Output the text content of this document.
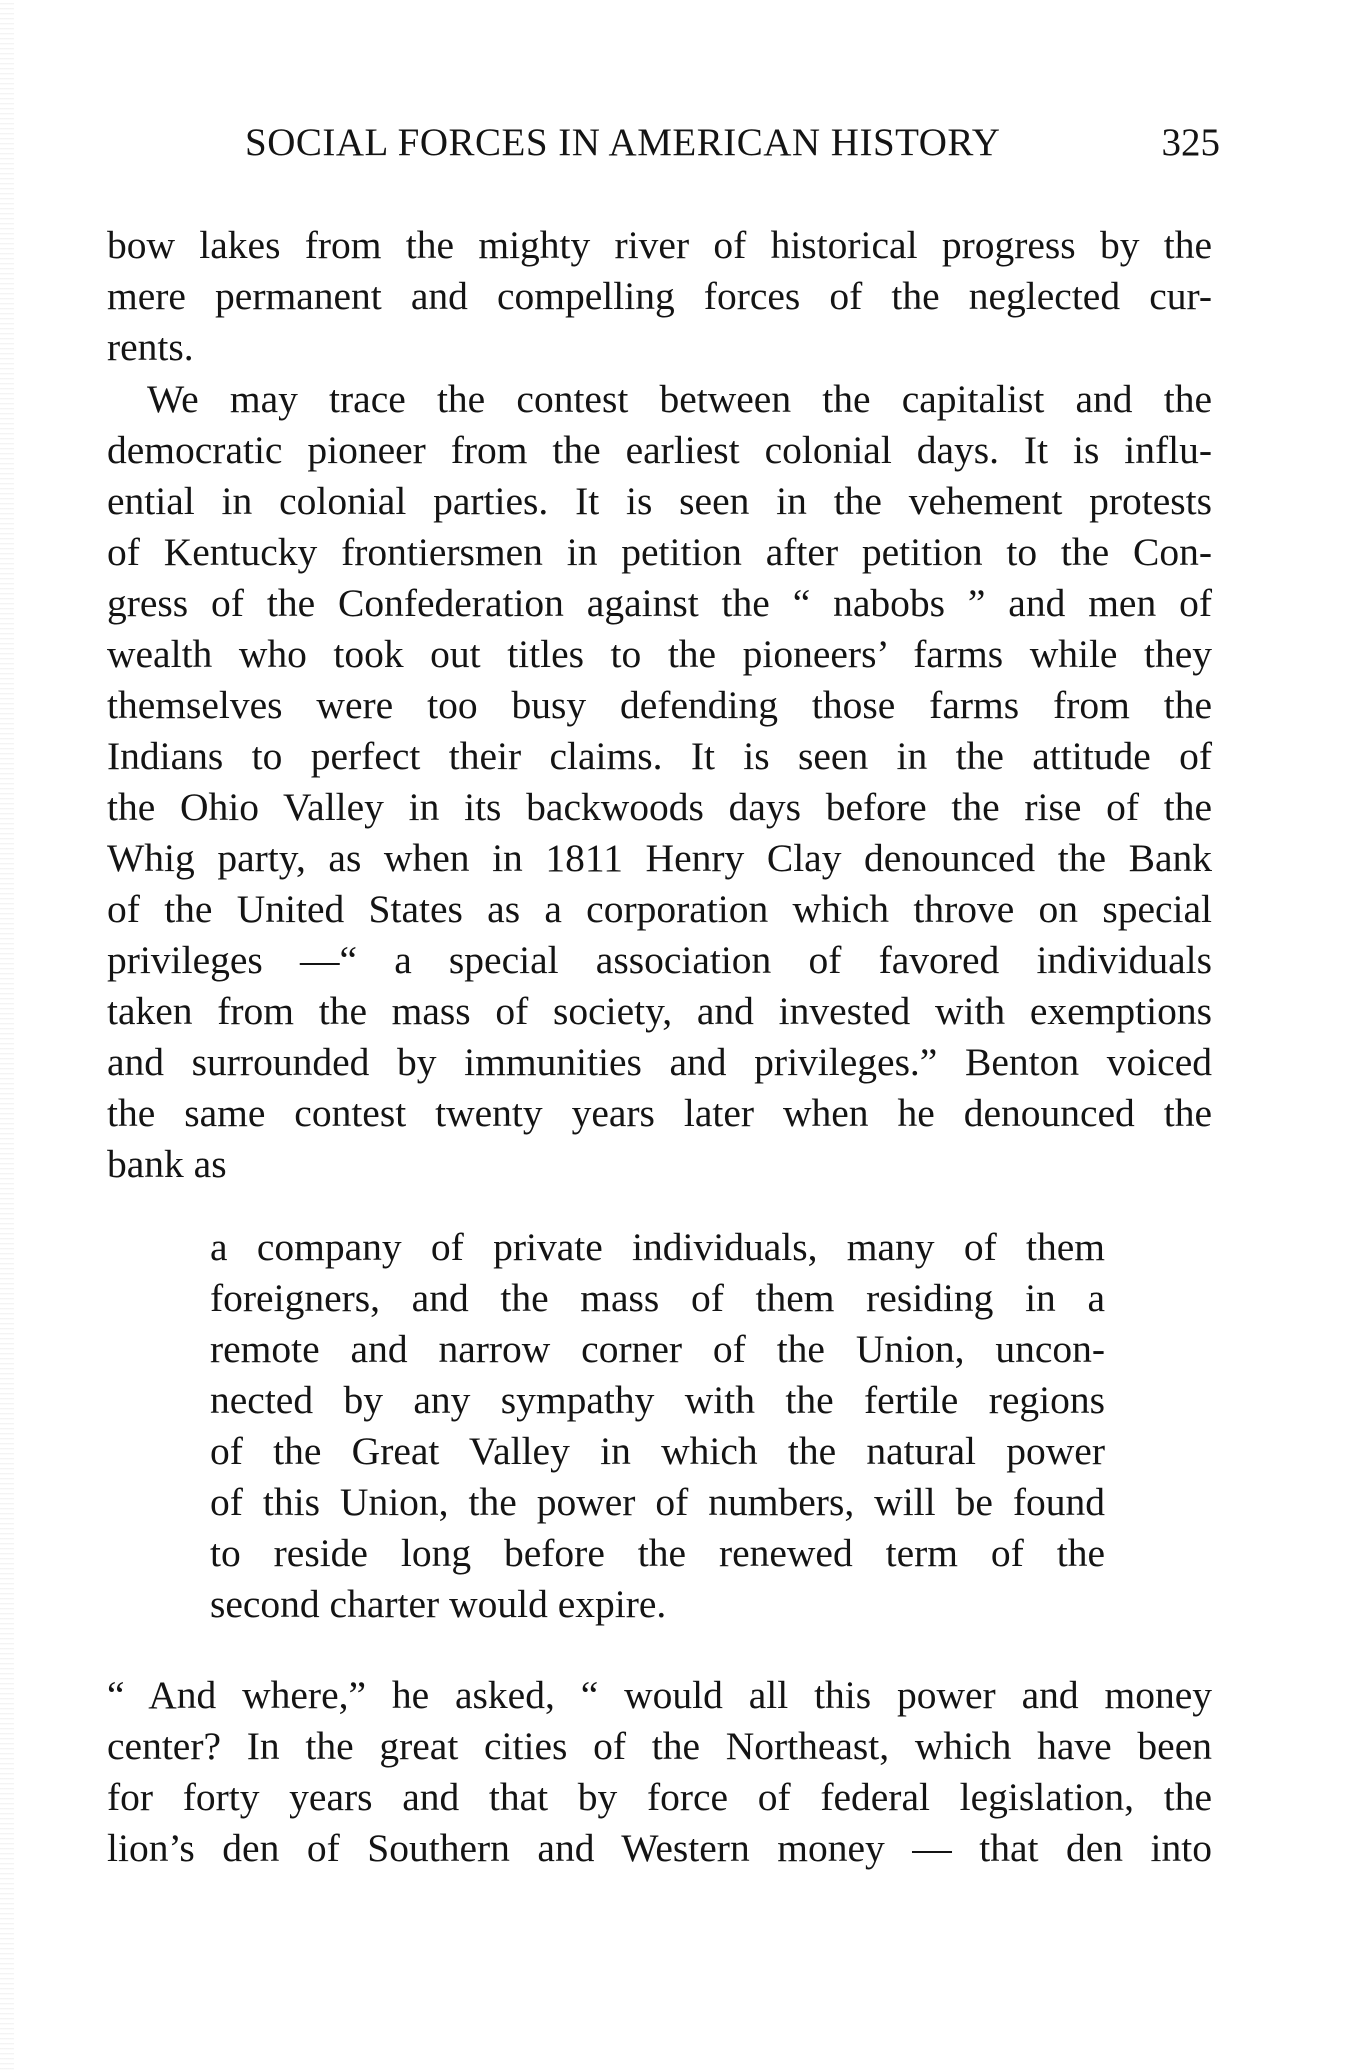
SOCIAL FORCES IN AMERICAN HISTORY	325
bow lakes from the mighty river of historical progress by the
mere permanent and compelling forces of the neglected cur-
rents.
We may trace the contest between the capitalist and the
democratic pioneer from the earliest colonial days. It is influ-
ential in colonial parties. It is seen in the vehement protests
of Kentucky frontiersmen in petition after petition to the Con-
gress of the Confederation against the “ nabobs ” and men of
wealth who took out titles to the pioneers’ farms while they
themselves were too busy defending those farms from the
Indians to perfect their claims. It is seen in the attitude of
the Ohio Valley in its backwoods days before the rise of the
Whig party, as when in 1811 Henry Clay denounced the Bank
of the United States as a corporation which throve on special
privileges —“ a special association of favored individuals
taken from the mass of society, and invested with exemptions
and surrounded by immunities and privileges.” Benton voiced
the same contest twenty years later when he denounced the
bank as
a company of private individuals, many of them
foreigners, and the mass of them residing in a
remote and narrow corner of the Union, uncon-
nected by any sympathy with the fertile regions
of the Great Valley in which the natural power
of this Union, the power of numbers, will be found
to reside long before the renewed term of the
second charter would expire.
“ And where,” he asked, “ would all this power and money
center? In the great cities of the Northeast, which have been
for forty years and that by force of federal legislation, the
lion’s den of Southern and Western money — that den into
